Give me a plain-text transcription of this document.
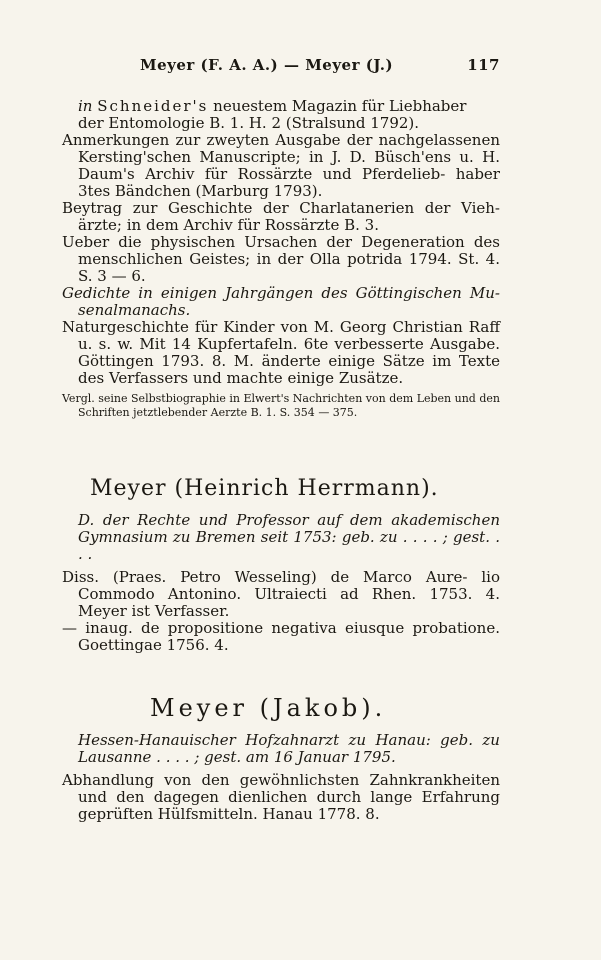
Meyer (F. A. A.) — Meyer (J.)	117
in Schneider's neuestem Magazin für Liebhaber
der Entomologie B. 1. H. 2 (Stralsund 1792).
Anmerkungen zur zweyten Ausgabe der nachgelassenen Kersting'schen Manuscripte; in J. D. Büsch'ens u. H. Daum's Archiv für Rossärzte und Pferdelieb- haber 3tes Bändchen (Marburg 1793).
Beytrag zur Geschichte der Charlatanerien der Vieh- ärzte; in dem Archiv für Rossärzte B. 3.
Ueber die physischen Ursachen der Degeneration des menschlichen Geistes; in der Olla potrida 1794. St. 4. S. 3 — 6.
Gedichte in einigen Jahrgängen des Göttingischen Mu- senalmanachs.
Naturgeschichte für Kinder von M. Georg Christian Raff u. s. w. Mit 14 Kupfertafeln. 6te verbesserte Ausgabe. Göttingen 1793. 8. M. änderte einige Sätze im Texte des Verfassers und machte einige Zusätze.
Vergl. seine Selbstbiographie in Elwert's Nachrichten von dem Leben und den Schriften jetztlebender Aerzte B. 1. S. 354 — 375.
Meyer (Heinrich Herrmann).
D. der Rechte und Professor auf dem akademischen Gymnasium zu Bremen seit 1753: geb. zu . . . . ; gest. . . .
Diss. (Praes. Petro Wesseling) de Marco Aure- lio Commodo Antonino. Ultraiecti ad Rhen. 1753. 4. Meyer ist Verfasser.
— inaug. de propositione negativa eiusque probatione. Goettingae 1756. 4.
Meyer (Jakob).
Hessen-Hanauischer Hofzahnarzt zu Hanau: geb. zu Lausanne . . . . ; gest. am 16 Januar 1795.
Abhandlung von den gewöhnlichsten Zahnkrankheiten und den dagegen dienlichen durch lange Erfahrung geprüften Hülfsmitteln. Hanau 1778. 8.
